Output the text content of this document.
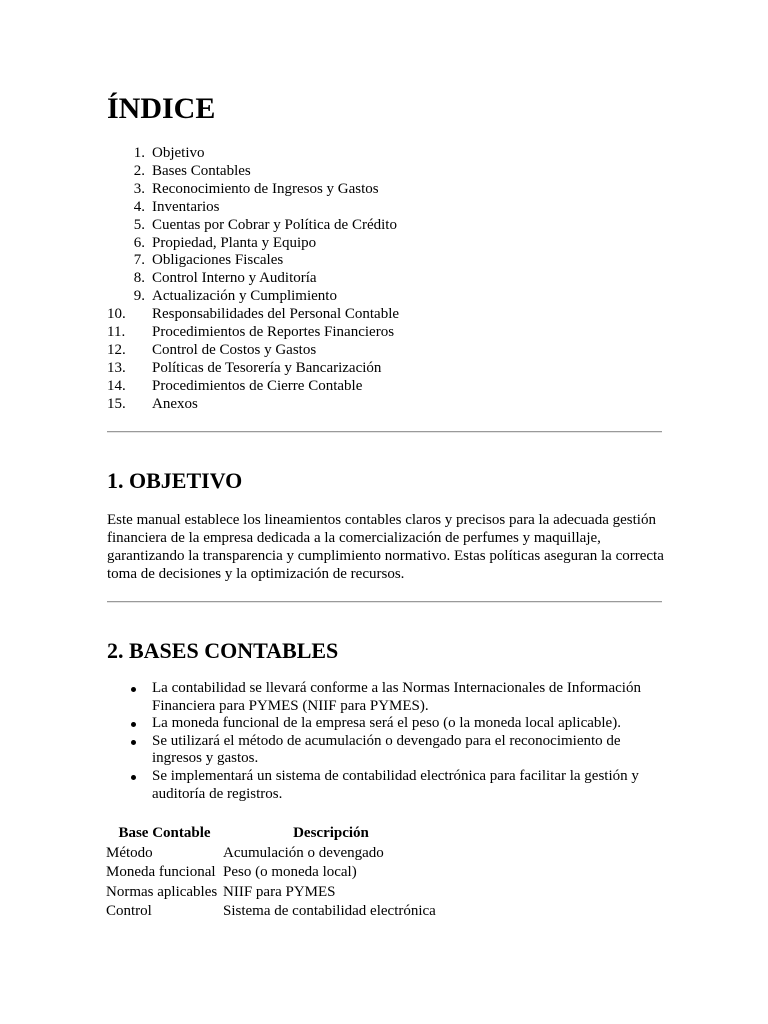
ÍNDICE
1. Objetivo
2. Bases Contables
3. Reconocimiento de Ingresos y Gastos
4. Inventarios
5. Cuentas por Cobrar y Política de Crédito
6. Propiedad, Planta y Equipo
7. Obligaciones Fiscales
8. Control Interno y Auditoría
9. Actualización y Cumplimiento
10. Responsabilidades del Personal Contable
11. Procedimientos de Reportes Financieros
12. Control de Costos y Gastos
13. Políticas de Tesorería y Bancarización
14. Procedimientos de Cierre Contable
15. Anexos
1. OBJETIVO

Este manual establece los lineamientos contables claros y precisos para la adecuada gestión financiera de la empresa dedicada a la comercialización de perfumes y maquillaje, garantizando la transparencia y cumplimiento normativo. Estas políticas aseguran la correcta toma de decisiones y la optimización de recursos.

2. BASES CONTABLES
La contabilidad se llevará conforme a las Normas Internacionales de Información Financiera para PYMES (NIIF para PYMES).
La moneda funcional de la empresa será el peso (o la moneda local aplicable).
Se utilizará el método de acumulación o devengado para el reconocimiento de ingresos y gastos.
Se implementará un sistema de contabilidad electrónica para facilitar la gestión y auditoría de registros.
Base Contable	Descripción
Método	Acumulación o devengado
Moneda funcional	Peso (o moneda local)
Normas aplicables	NIIF para PYMES
Control	Sistema de contabilidad electrónica
